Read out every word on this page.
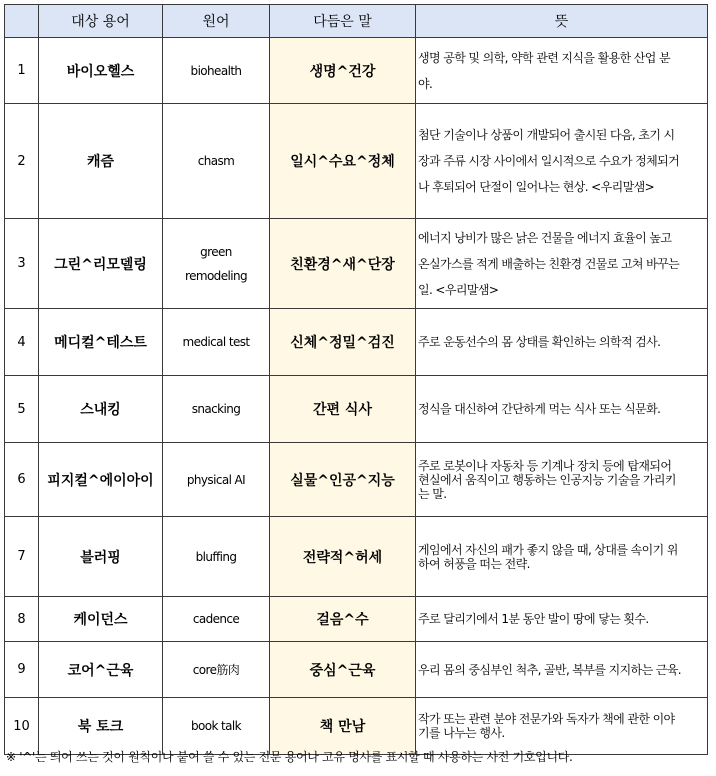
	대상 용어	원어	다듬은 말	뜻
1	바이오헬스	biohealth	생명^건강	생명 공학 및 의학, 약학 관련 지식을 활용한 산업 분
야.

2	캐즘	chasm	일시^수요^정체	첨단 기술이나 상품이 개발되어 출시된 다음, 초기 시
장과 주류 시장 사이에서 일시적으로 수요가 정체되거
나 후퇴되어 단절이 일어나는 현상. <우리말샘>

3	그린^리모델링	green
remodeling	친환경^새^단장	에너지 낭비가 많은 낡은 건물을 에너지 효율이 높고
온실가스를 적게 배출하는 친환경 건물로 고쳐 바꾸는
일. <우리말샘>

4	메디컬^테스트	medical test	신체^정밀^검진	주로 운동선수의 몸 상태를 확인하는 의학적 검사.

5	스내킹	snacking	간편 식사	정식을 대신하여 간단하게 먹는 식사 또는 식문화.

6	피지컬^에이아이	physical AI	실물^인공^지능	주로 로봇이나 자동차 등 기계나 장치 등에 탑재되어
현실에서 움직이고 행동하는 인공지능 기술을 가리키
는 말.

7	블러핑	bluffing	전략적^허세	게임에서 자신의 패가 좋지 않을 때, 상대를 속이기 위
하여 허풍을 떠는 전략.

8	케이던스	cadence	걸음^수	주로 달리기에서 1분 동안 발이 땅에 닿는 횟수.

9	코어^근육	core筋肉	중심^근육	우리 몸의 중심부인 척추, 골반, 복부를 지지하는 근육.

10	북 토크	book talk	책 만남	작가 또는 관련 분야 전문가와 독자가 책에 관한 이야
기를 나누는 행사.
※ '^'는 띄어 쓰는 것이 원칙이나 붙여 쓸 수 있는 전문 용어나 고유 명사를 표시할 때 사용하는 사전 기호입니다.
